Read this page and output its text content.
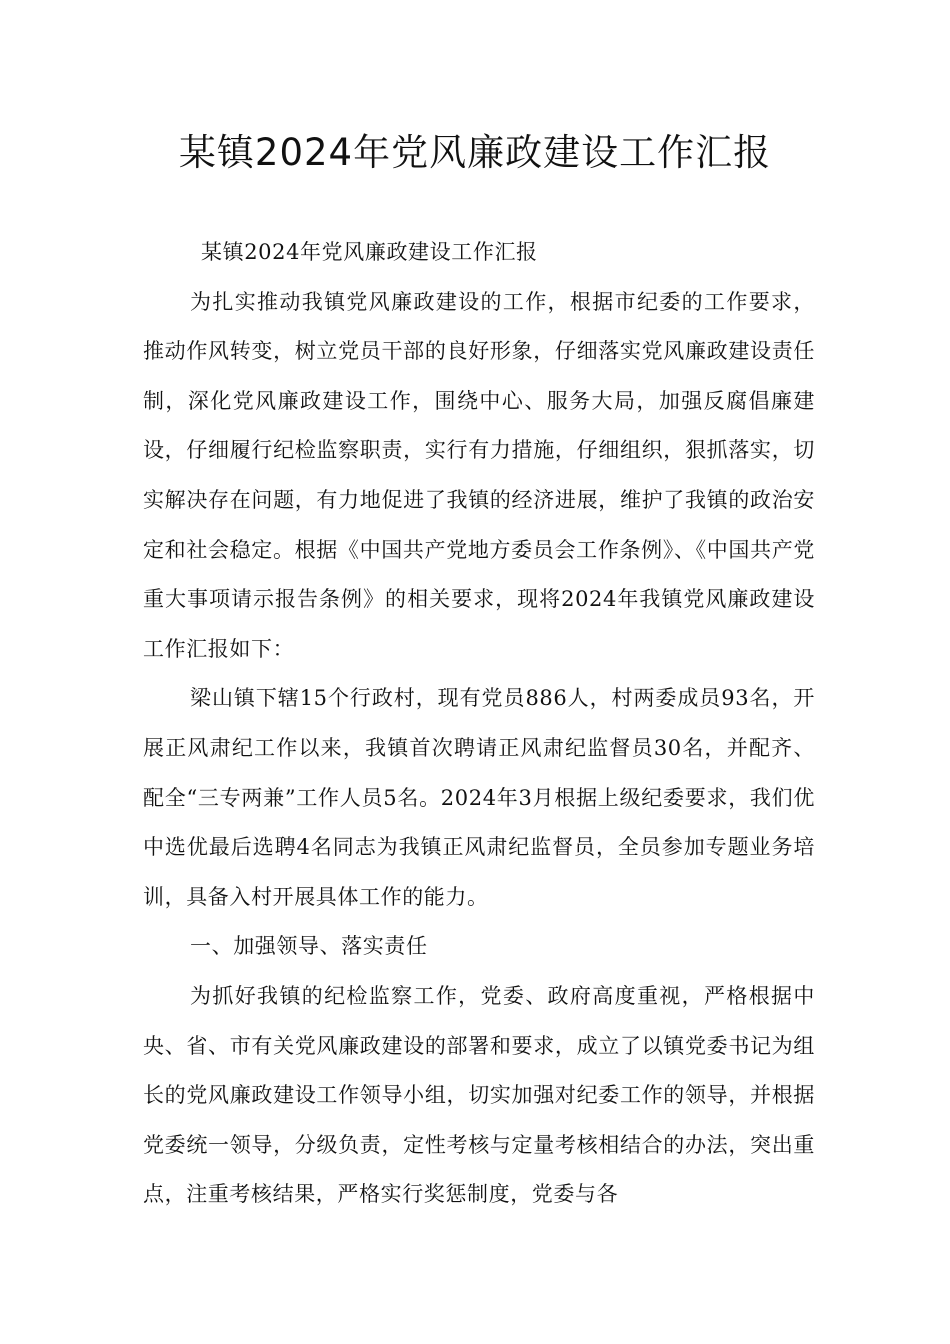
某镇2024年党风廉政建设工作汇报

某镇2024年党风廉政建设工作汇报

为扎实推动我镇党风廉政建设的工作，根据市纪委的工作要求，推动作风转变，树立党员干部的良好形象，仔细落实党风廉政建设责任制，深化党风廉政建设工作，围绕中心、服务大局，加强反腐倡廉建设，仔细履行纪检监察职责，实行有力措施，仔细组织，狠抓落实，切实解决存在问题，有力地促进了我镇的经济进展，维护了我镇的政治安定和社会稳定。根据《中国共产党地方委员会工作条例》、《中国共产党重大事项请示报告条例》的相关要求，现将2024年我镇党风廉政建设工作汇报如下：

梁山镇下辖15个行政村，现有党员886人，村两委成员93名，开展正风肃纪工作以来，我镇首次聘请正风肃纪监督员30名，并配齐、配全“三专两兼”工作人员5名。2024年3月根据上级纪委要求，我们优中选优最后选聘4名同志为我镇正风肃纪监督员，全员参加专题业务培训，具备入村开展具体工作的能力。

一、加强领导、落实责任

为抓好我镇的纪检监察工作，党委、政府高度重视，严格根据中央、省、市有关党风廉政建设的部署和要求，成立了以镇党委书记为组长的党风廉政建设工作领导小组，切实加强对纪委工作的领导，并根据党委统一领导，分级负责，定性考核与定量考核相结合的办法，突出重点，注重考核结果，严格实行奖惩制度，党委与各
